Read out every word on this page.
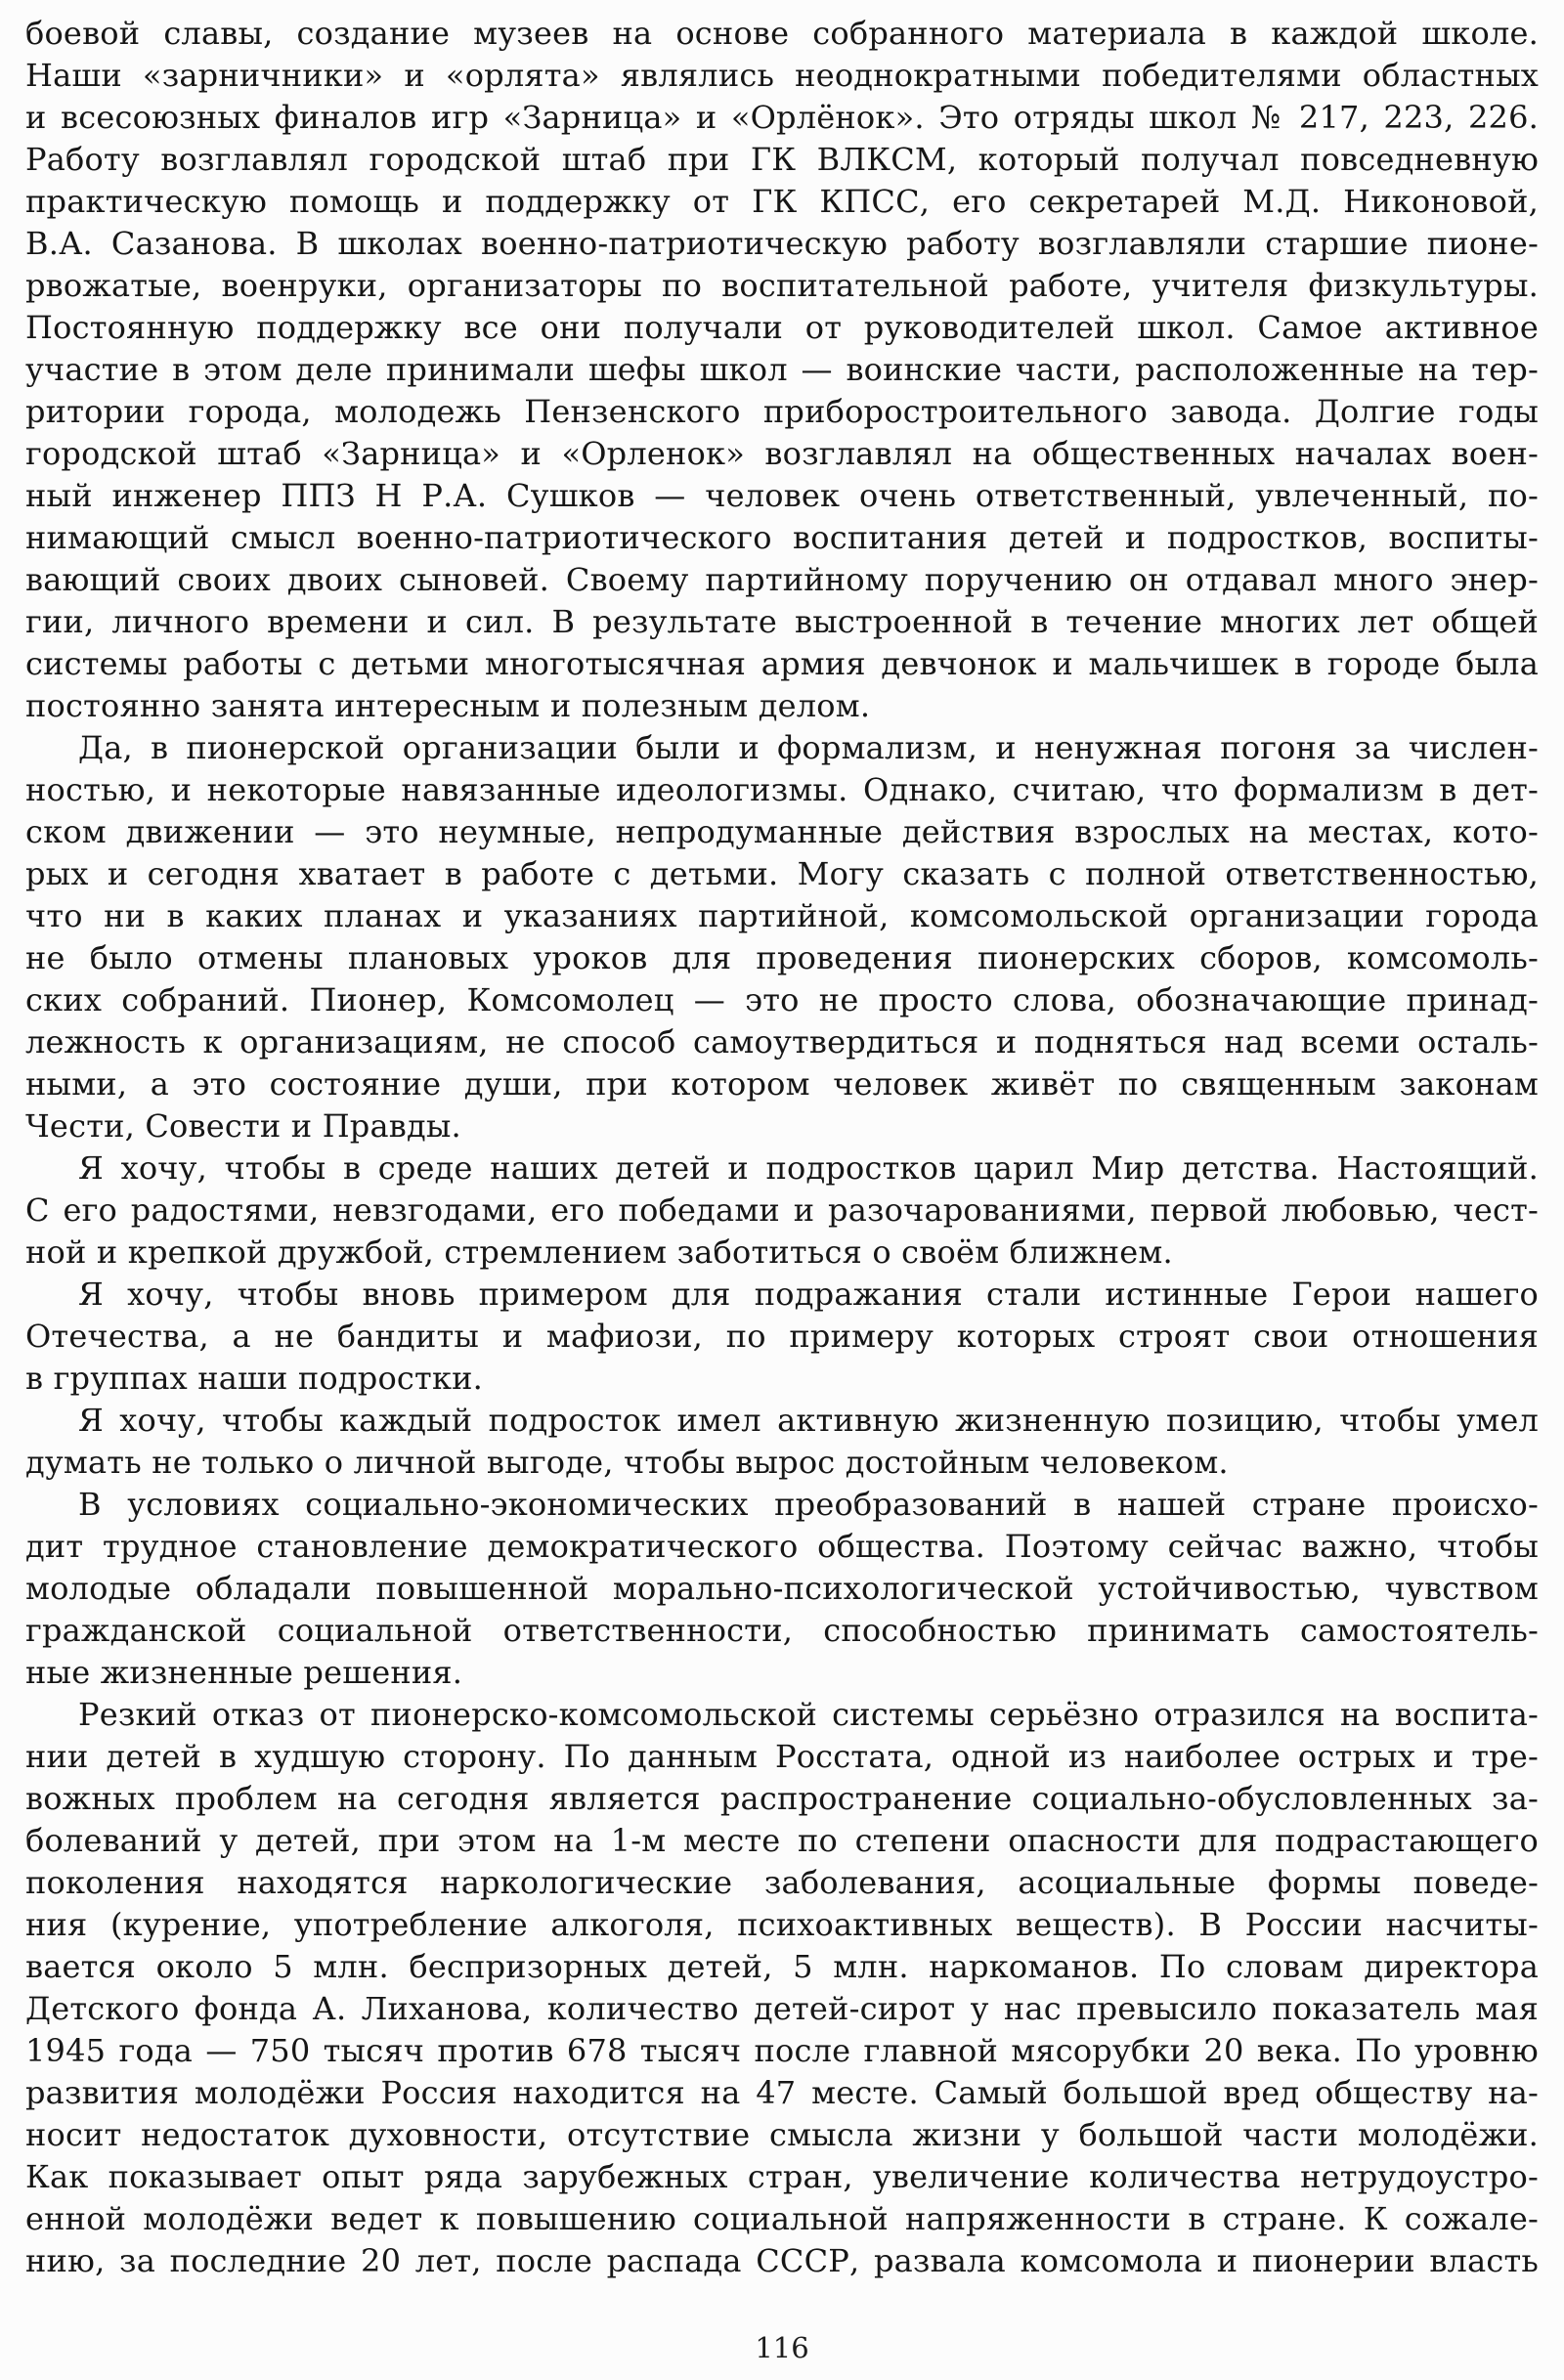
боевой славы, создание музеев на основе собранного материала в каждой школе.
Наши «зарничники» и «орлята» являлись неоднократными победителями областных
и всесоюзных финалов игр «Зарница» и «Орлёнок». Это отряды школ № 217, 223, 226.
Работу возглавлял городской штаб при ГК ВЛКСМ, который получал повседневную
практическую помощь и поддержку от ГК КПСС, его секретарей М.Д. Никоновой,
В.А. Сазанова. В школах военно-патриотическую работу возглавляли старшие пионе-
рвожатые, военруки, организаторы по воспитательной работе, учителя физкультуры.
Постоянную поддержку все они получали от руководителей школ. Самое активное
участие в этом деле принимали шефы школ — воинские части, расположенные на тер-
ритории города, молодежь Пензенского приборостроительного завода. Долгие годы
городской штаб «Зарница» и «Орленок» возглавлял на общественных началах воен-
ный инженер ППЗ Н Р.А. Сушков — человек очень ответственный, увлеченный, по-
нимающий смысл военно-патриотического воспитания детей и подростков, воспиты-
вающий своих двоих сыновей. Своему партийному поручению он отдавал много энер-
гии, личного времени и сил. В результате выстроенной в течение многих лет общей
системы работы с детьми многотысячная армия девчонок и мальчишек в городе была
постоянно занята интересным и полезным делом.
Да, в пионерской организации были и формализм, и ненужная погоня за числен-
ностью, и некоторые навязанные идеологизмы. Однако, считаю, что формализм в дет-
ском движении — это неумные, непродуманные действия взрослых на местах, кото-
рых и сегодня хватает в работе с детьми. Могу сказать с полной ответственностью,
что ни в каких планах и указаниях партийной, комсомольской организации города
не было отмены плановых уроков для проведения пионерских сборов, комсомоль-
ских собраний. Пионер, Комсомолец — это не просто слова, обозначающие принад-
лежность к организациям, не способ самоутвердиться и подняться над всеми осталь-
ными, а это состояние души, при котором человек живёт по священным законам
Чести, Совести и Правды.
Я хочу, чтобы в среде наших детей и подростков царил Мир детства. Настоящий.
С его радостями, невзгодами, его победами и разочарованиями, первой любовью, чест-
ной и крепкой дружбой, стремлением заботиться о своём ближнем.
Я хочу, чтобы вновь примером для подражания стали истинные Герои нашего
Отечества, а не бандиты и мафиози, по примеру которых строят свои отношения
в группах наши подростки.
Я хочу, чтобы каждый подросток имел активную жизненную позицию, чтобы умел
думать не только о личной выгоде, чтобы вырос достойным человеком.
В условиях социально-экономических преобразований в нашей стране происхо-
дит трудное становление демократического общества. Поэтому сейчас важно, чтобы
молодые обладали повышенной морально-психологической устойчивостью, чувством
гражданской социальной ответственности, способностью принимать самостоятель-
ные жизненные решения.
Резкий отказ от пионерско-комсомольской системы серьёзно отразился на воспита-
нии детей в худшую сторону. По данным Росстата, одной из наиболее острых и тре-
вожных проблем на сегодня является распространение социально-обусловленных за-
болеваний у детей, при этом на 1-м месте по степени опасности для подрастающего
поколения находятся наркологические заболевания, асоциальные формы поведе-
ния (курение, употребление алкоголя, психоактивных веществ). В России насчиты-
вается около 5 млн. беспризорных детей, 5 млн. наркоманов. По словам директора
Детского фонда А. Лиханова, количество детей-сирот у нас превысило показатель мая
1945 года — 750 тысяч против 678 тысяч после главной мясорубки 20 века. По уровню
развития молодёжи Россия находится на 47 месте. Самый большой вред обществу на-
носит недостаток духовности, отсутствие смысла жизни у большой части молодёжи.
Как показывает опыт ряда зарубежных стран, увеличение количества нетрудоустро-
енной молодёжи ведет к повышению социальной напряженности в стране. К сожале-
нию, за последние 20 лет, после распада СССР, развала комсомола и пионерии власть
116
